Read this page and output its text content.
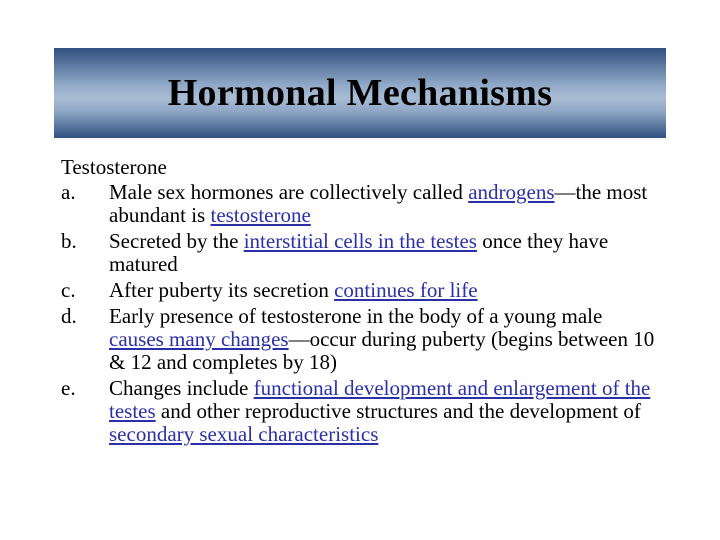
Hormonal Mechanisms
Testosterone
a.	Male sex hormones are collectively called androgens—the most abundant is testosterone
b.	Secreted by the interstitial cells in the testes once they have matured
c.	After puberty its secretion continues for life
d.	Early presence of testosterone in the body of a young male causes many changes—occur during puberty (begins between 10 & 12 and completes by 18)
e.	Changes include functional development and enlargement of the testes and other reproductive structures and the development of secondary sexual characteristics
